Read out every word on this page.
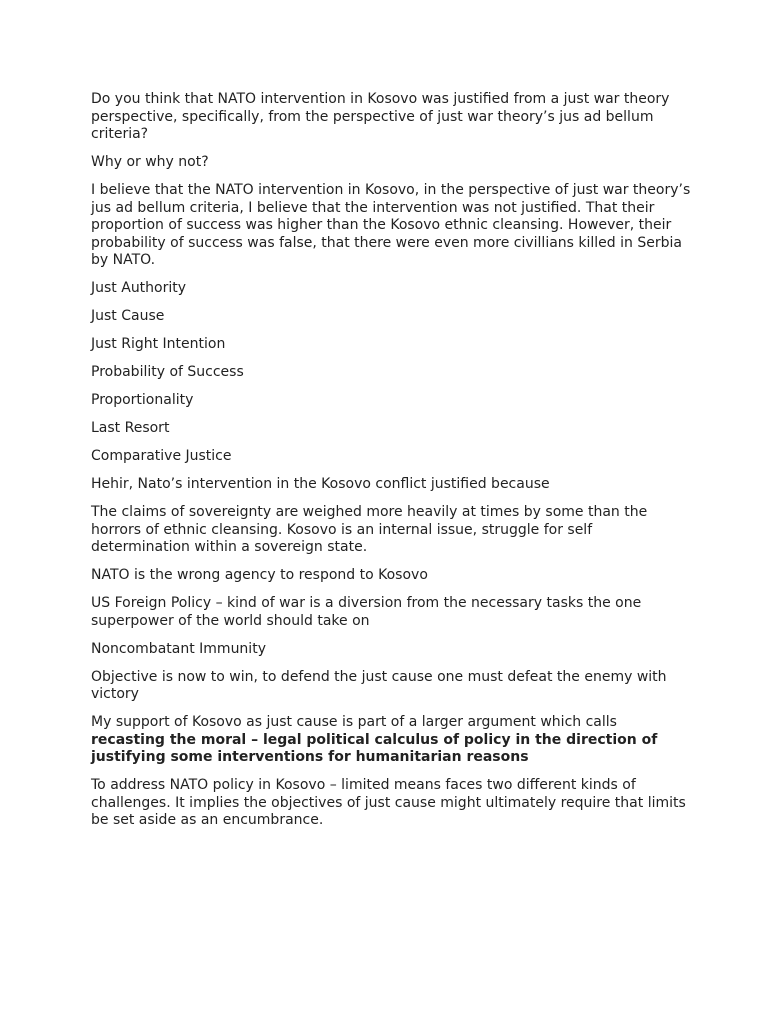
Do you think that NATO intervention in Kosovo was justified from a just war theory perspective, specifically, from the perspective of just war theory’s jus ad bellum criteria?

Why or why not?

I believe that the NATO intervention in Kosovo, in the perspective of just war theory’s jus ad bellum criteria, I believe that the intervention was not justified. That their proportion of success was higher than the Kosovo ethnic cleansing. However, their probability of success was false, that there were even more civillians killed in Serbia by NATO.

Just Authority

Just Cause

Just Right Intention

Probability of Success

Proportionality

Last Resort

Comparative Justice

Hehir, Nato’s intervention in the Kosovo conflict justified because

The claims of sovereignty are weighed more heavily at times by some than the horrors of ethnic cleansing. Kosovo is an internal issue, struggle for self determination within a sovereign state.

NATO is the wrong agency to respond to Kosovo

US Foreign Policy – kind of war is a diversion from the necessary tasks the one superpower of the world should take on

Noncombatant Immunity

Objective is now to win, to defend the just cause one must defeat the enemy with victory

My support of Kosovo as just cause is part of a larger argument which calls
recasting the moral – legal political calculus of policy in the direction of justifying some interventions for humanitarian reasons

To address NATO policy in Kosovo – limited means faces two different kinds of challenges. It implies the objectives of just cause might ultimately require that limits be set aside as an encumbrance.
